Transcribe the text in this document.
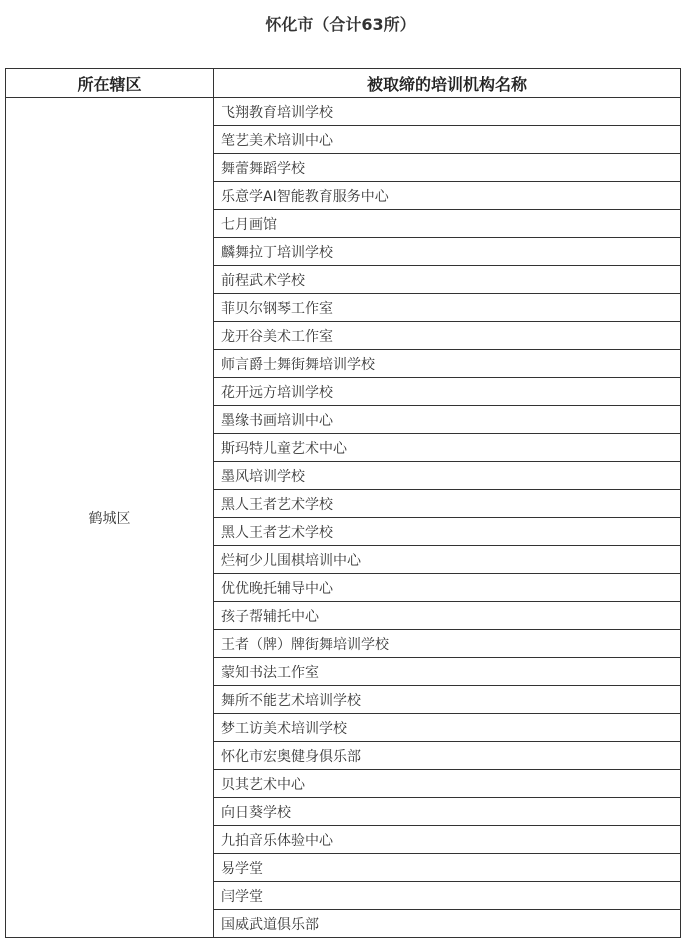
怀化市（合计63所）
所在辖区	被取缔的培训机构名称
鹤城区	飞翔教育培训学校
	笔艺美术培训中心
	舞蕾舞蹈学校
	乐意学AI智能教育服务中心
	七月画馆
	麟舞拉丁培训学校
	前程武术学校
	菲贝尔钢琴工作室
	龙开谷美术工作室
	师言爵士舞街舞培训学校
	花开远方培训学校
	墨缘书画培训中心
	斯玛特儿童艺术中心
	墨风培训学校
	黑人王者艺术学校
	黑人王者艺术学校
	烂柯少儿围棋培训中心
	优优晚托辅导中心
	孩子帮辅托中心
	王者（牌）牌街舞培训学校
	蒙知书法工作室
	舞所不能艺术培训学校
	梦工访美术培训学校
	怀化市宏奥健身俱乐部
	贝其艺术中心
	向日葵学校
	九拍音乐体验中心
	易学堂
	闫学堂
	国威武道俱乐部
